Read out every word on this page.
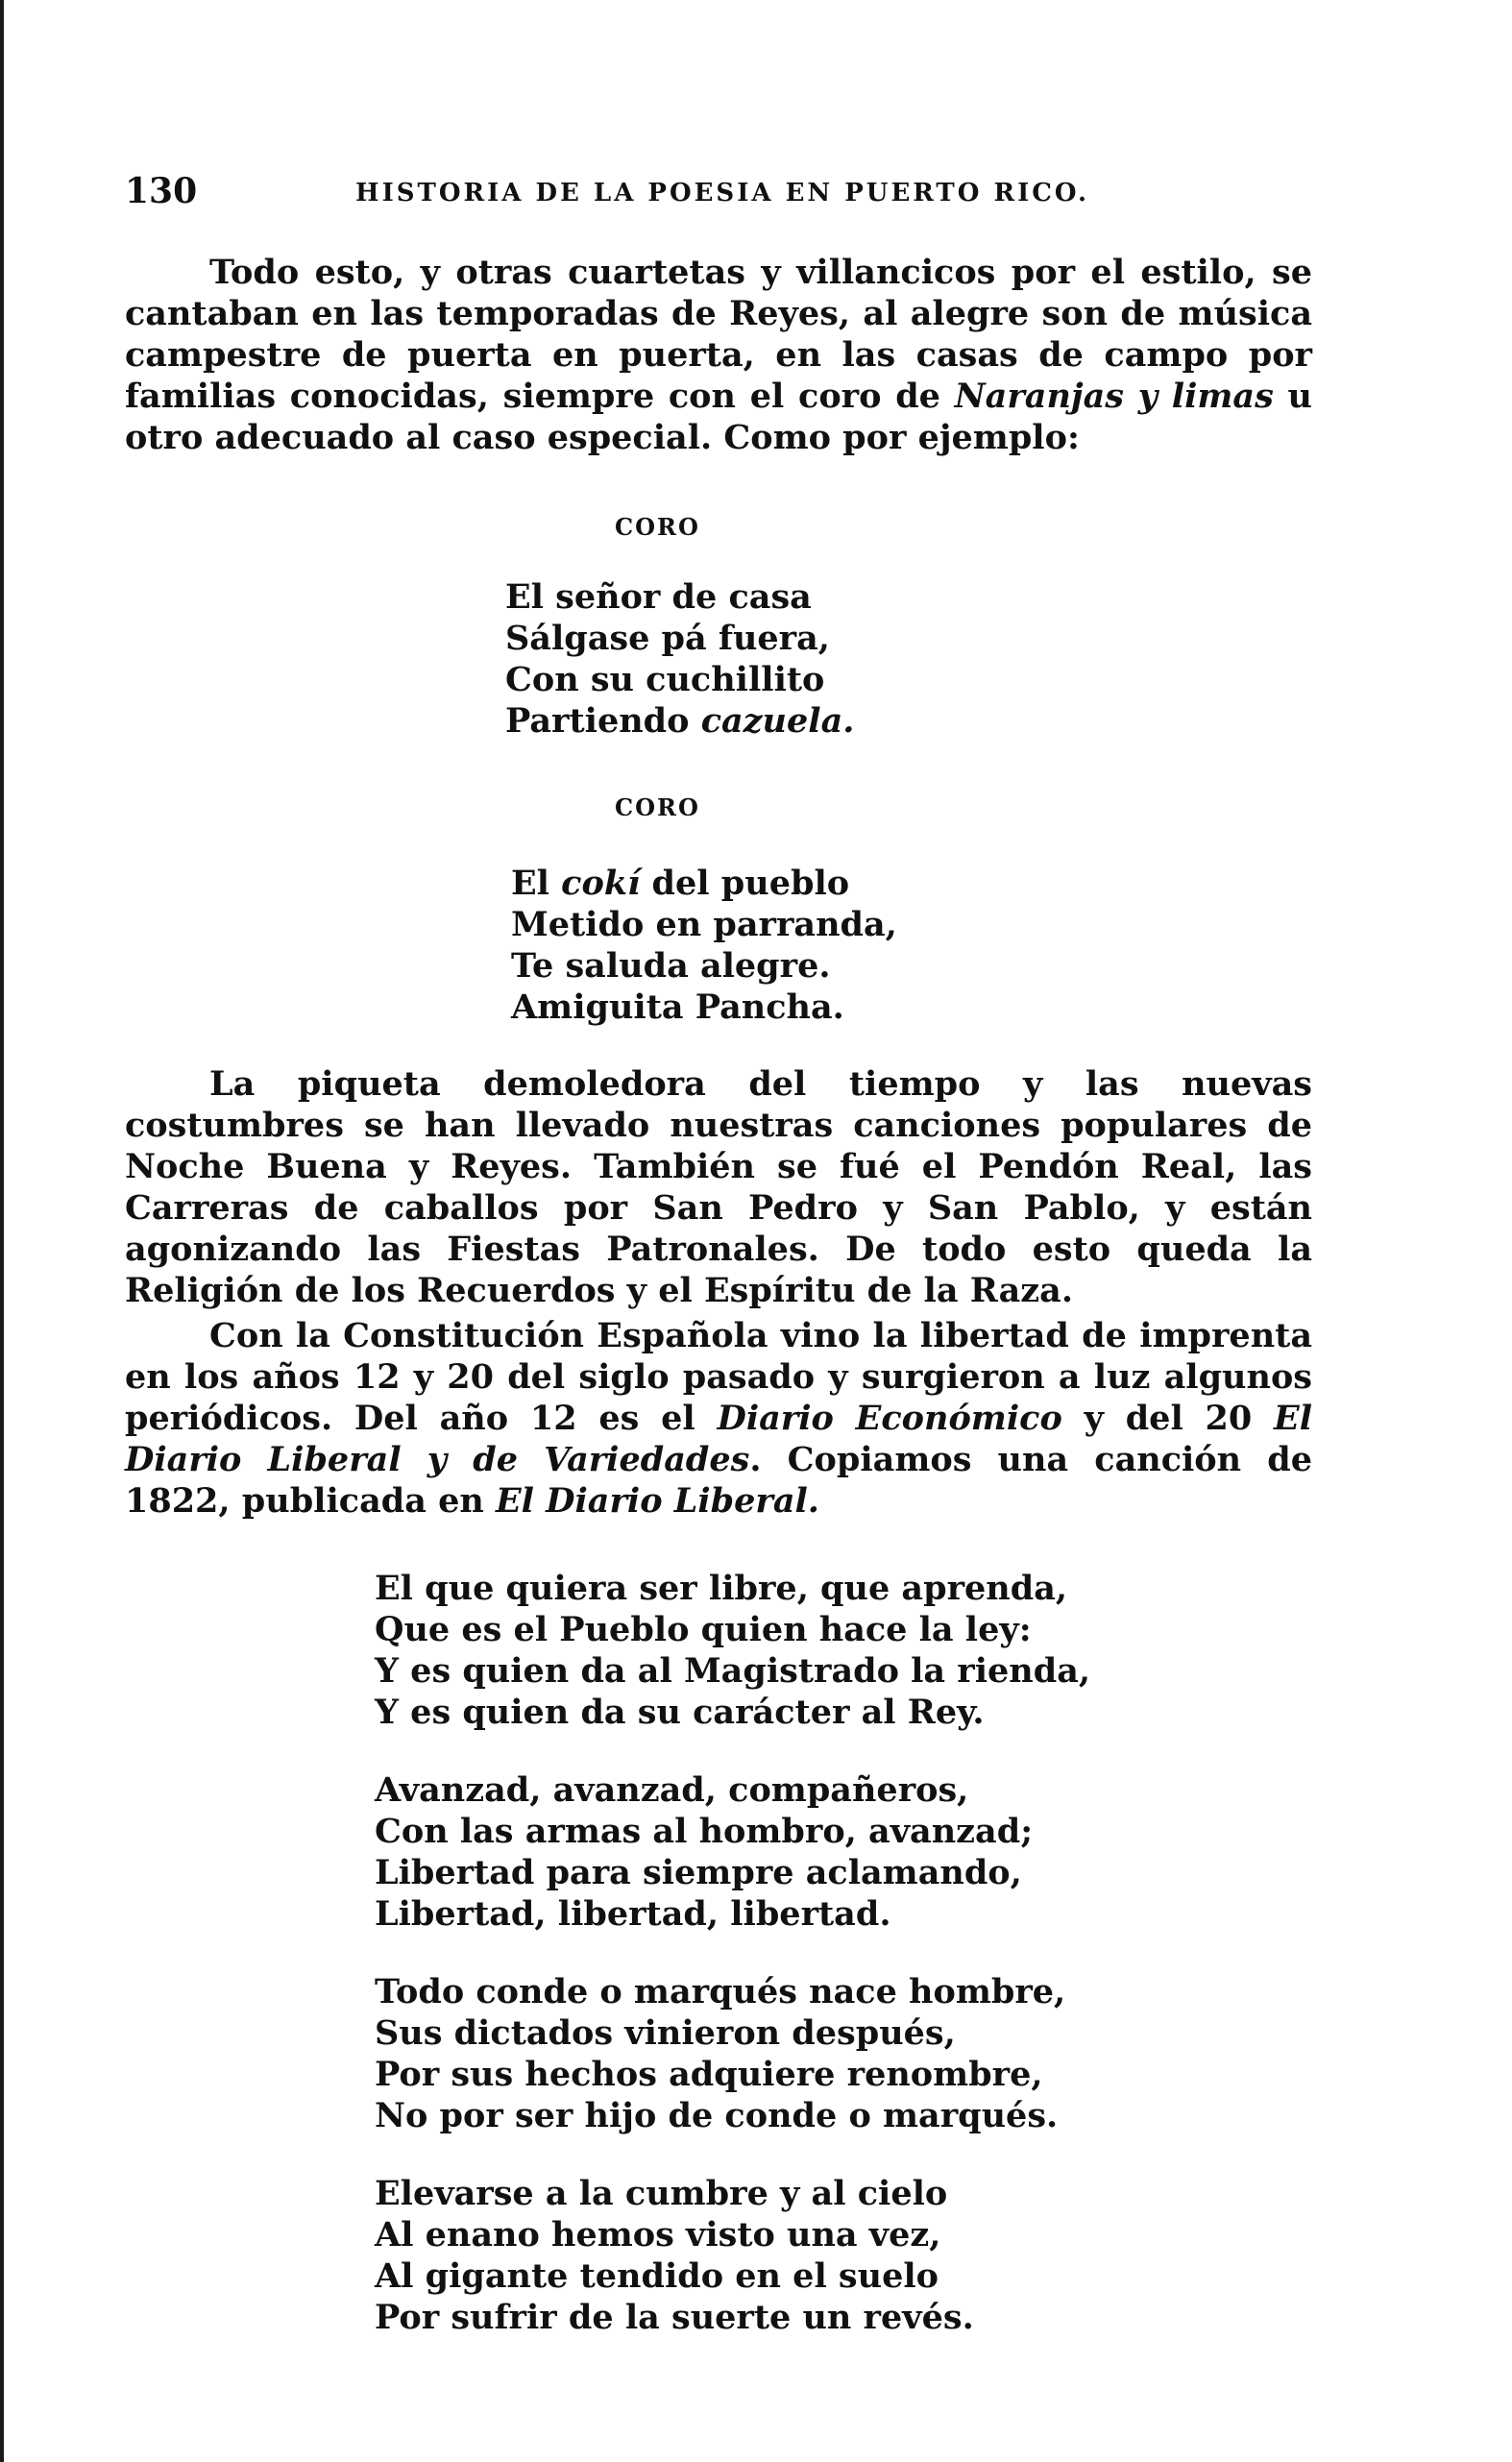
130	HISTORIA DE LA POESIA EN PUERTO RICO.

Todo esto, y otras cuartetas y villancicos por el estilo, se cantaban en las temporadas de Reyes, al alegre son de música campestre de puerta en puerta, en las casas de campo por familias conocidas, siempre con el coro de Naranjas y limas u otro adecuado al caso especial. Como por ejemplo:

CORO
El señor de casa
Sálgase pá fuera,
Con su cuchillito
Partiendo cazuela.
CORO
El cokí del pueblo
Metido en parranda,
Te saluda alegre.
Amiguita Pancha.

La piqueta demoledora del tiempo y las nuevas costumbres se han llevado nuestras canciones populares de Noche Buena y Reyes. También se fué el Pendón Real, las Carreras de caballos por San Pedro y San Pablo, y están agonizando las Fiestas Patronales. De todo esto queda la Religión de los Recuerdos y el Espíritu de la Raza.

Con la Constitución Española vino la libertad de imprenta en los años 12 y 20 del siglo pasado y surgieron a luz algunos periódicos. Del año 12 es el Diario Económico y del 20 El Diario Liberal y de Variedades. Copiamos una canción de 1822, publicada en El Diario Liberal.

El que quiera ser libre, que aprenda,
Que es el Pueblo quien hace la ley:
Y es quien da al Magistrado la rienda,
Y es quien da su carácter al Rey.
Avanzad, avanzad, compañeros,
Con las armas al hombro, avanzad;
Libertad para siempre aclamando,
Libertad, libertad, libertad.
Todo conde o marqués nace hombre,
Sus dictados vinieron después,
Por sus hechos adquiere renombre,
No por ser hijo de conde o marqués.
Elevarse a la cumbre y al cielo
Al enano hemos visto una vez,
Al gigante tendido en el suelo
Por sufrir de la suerte un revés.
